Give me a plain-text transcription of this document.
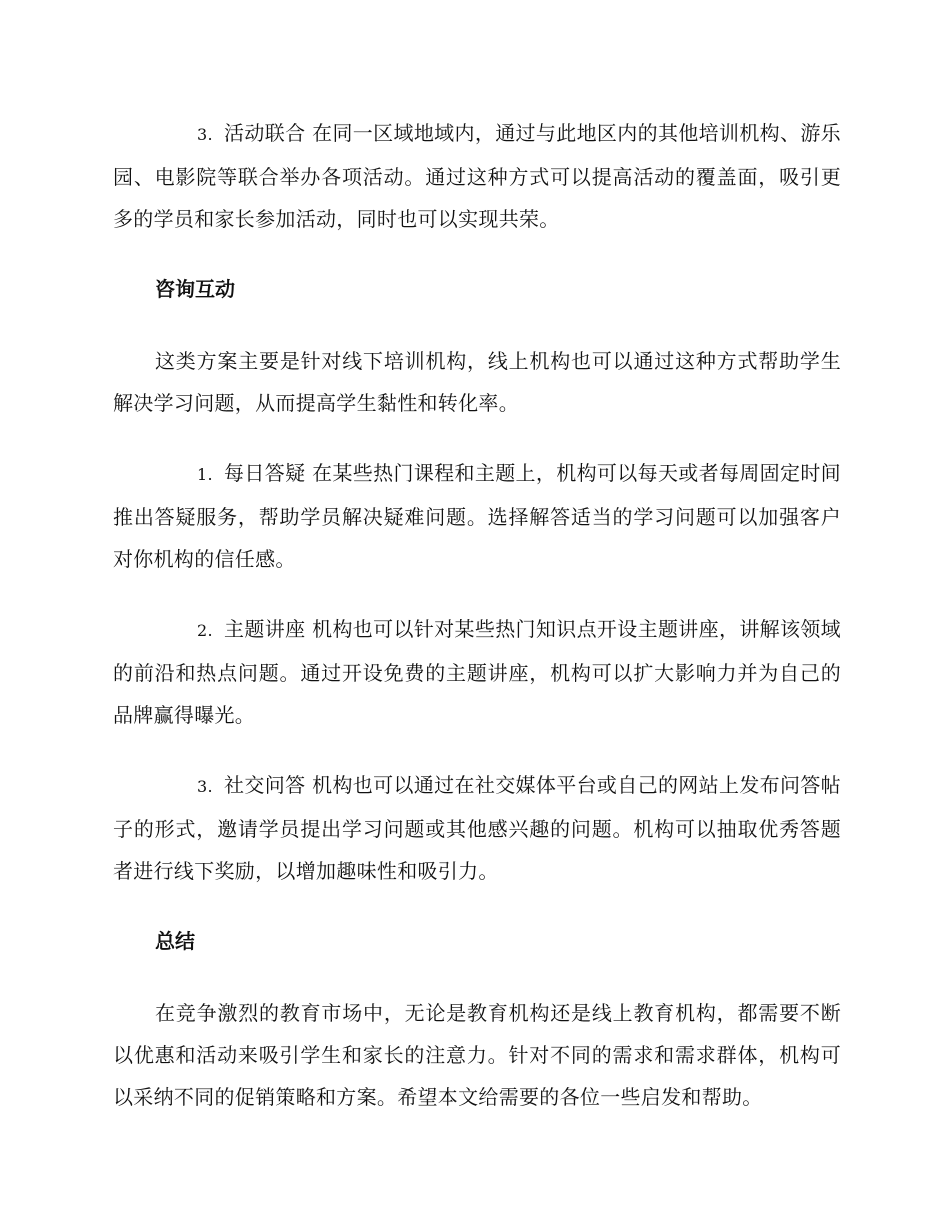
3. 活动联合 在同一区域地域内，通过与此地区内的其他培训机构、游乐园、电影院等联合举办各项活动。通过这种方式可以提高活动的覆盖面，吸引更多的学员和家长参加活动，同时也可以实现共荣。

咨询互动

这类方案主要是针对线下培训机构，线上机构也可以通过这种方式帮助学生解决学习问题，从而提高学生黏性和转化率。

1. 每日答疑 在某些热门课程和主题上，机构可以每天或者每周固定时间推出答疑服务，帮助学员解决疑难问题。选择解答适当的学习问题可以加强客户对你机构的信任感。

2. 主题讲座 机构也可以针对某些热门知识点开设主题讲座，讲解该领域的前沿和热点问题。通过开设免费的主题讲座，机构可以扩大影响力并为自己的品牌赢得曝光。

3. 社交问答 机构也可以通过在社交媒体平台或自己的网站上发布问答帖子的形式，邀请学员提出学习问题或其他感兴趣的问题。机构可以抽取优秀答题者进行线下奖励，以增加趣味性和吸引力。

总结

在竞争激烈的教育市场中，无论是教育机构还是线上教育机构，都需要不断以优惠和活动来吸引学生和家长的注意力。针对不同的需求和需求群体，机构可以采纳不同的促销策略和方案。希望本文给需要的各位一些启发和帮助。
